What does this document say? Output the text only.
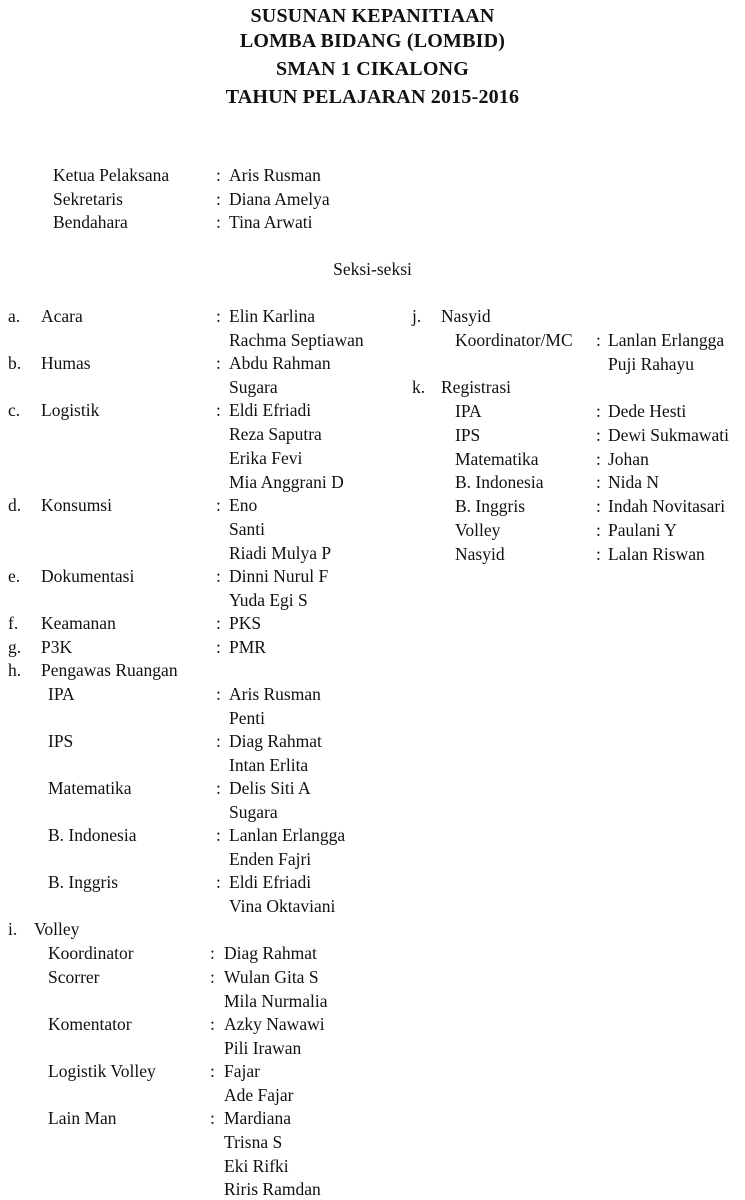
SUSUNAN KEPANITIAAN
LOMBA BIDANG (LOMBID)
SMAN 1 CIKALONG
TAHUN PELAJARAN 2015-2016
Ketua Pelaksana	: Aris Rusman
Sekretaris	: Diana Amelya
Bendahara	: Tina Arwati
Seksi-seksi
a. Acara	: Elin Karlina
Rachma Septiawan
b. Humas	: Abdu Rahman
Sugara
c. Logistik	: Eldi Efriadi
Reza Saputra
Erika Fevi
Mia Anggrani D
d. Konsumsi	: Eno
Santi
Riadi Mulya P
e. Dokumentasi	: Dinni Nurul F
Yuda Egi S
f. Keamanan	: PKS
g. P3K	: PMR
h. Pengawas Ruangan
IPA	: Aris Rusman
Penti
IPS	: Diag Rahmat
Intan Erlita
Matematika	: Delis Siti A
Sugara
B. Indonesia	: Lanlan Erlangga
Enden Fajri
B. Inggris	: Eldi Efriadi
Vina Oktaviani
i. Volley
Koordinator	: Diag Rahmat
Scorrer	: Wulan Gita S
Mila Nurmalia
Komentator	: Azky Nawawi
Pili Irawan
Logistik Volley	: Fajar
Ade Fajar
Lain Man	: Mardiana
Trisna S
Eki Rifki
Riris Ramdan
j. Nasyid
Koordinator/MC : Lanlan Erlangga
Puji Rahayu
k. Registrasi
IPA	: Dede Hesti
IPS	: Dewi Sukmawati
Matematika	: Johan
B. Indonesia	: Nida N
B. Inggris	: Indah Novitasari
Volley	: Paulani Y
Nasyid	: Lalan Riswan
